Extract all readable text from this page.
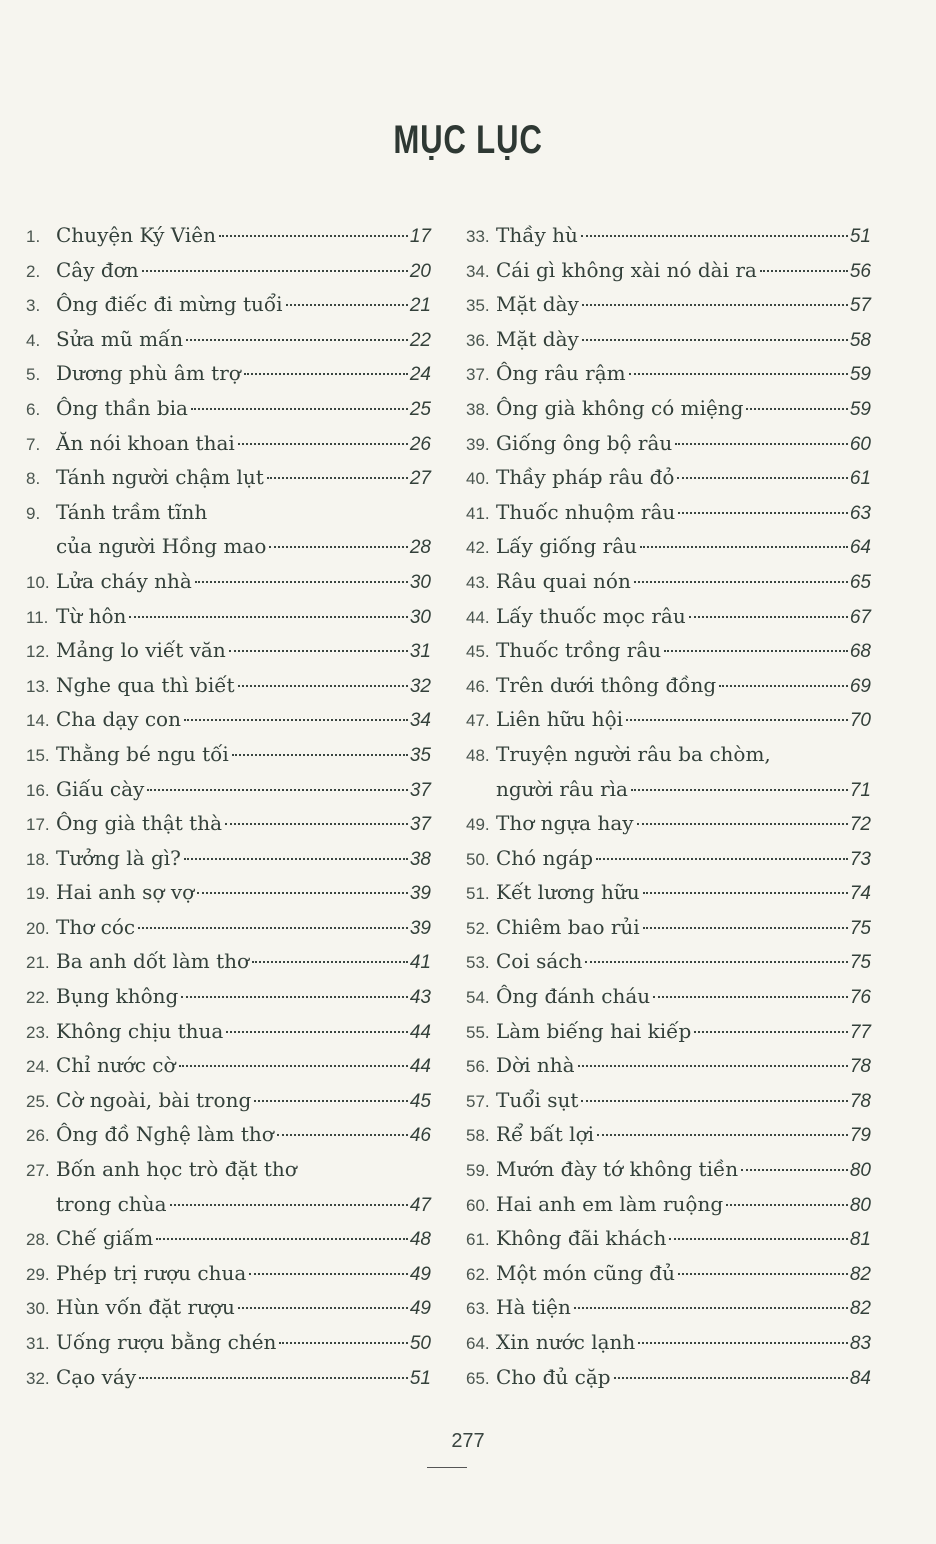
MỤC LỤC
1. Chuyện Ký Viên	17
2. Cây đơn	20
3. Ông điếc đi mừng tuổi	21
4. Sửa mũ mấn	22
5. Dương phù âm trợ	24
6. Ông thần bia	25
7. Ăn nói khoan thai	26
8. Tánh người chậm lụt	27
9. Tánh trầm tĩnh
của người Hồng mao	28
10. Lửa cháy nhà	30
11. Từ hôn	30
12. Mảng lo viết văn	31
13. Nghe qua thì biết	32
14. Cha dạy con	34
15. Thằng bé ngu tối	35
16. Giấu cày	37
17. Ông già thật thà	37
18. Tưởng là gì?	38
19. Hai anh sợ vợ	39
20. Thơ cóc	39
21. Ba anh dốt làm thơ	41
22. Bụng không	43
23. Không chịu thua	44
24. Chỉ nước cờ	44
25. Cờ ngoài, bài trong	45
26. Ông đồ Nghệ làm thơ	46
27. Bốn anh học trò đặt thơ
trong chùa	47
28. Chế giấm	48
29. Phép trị rượu chua	49
30. Hùn vốn đặt rượu	49
31. Uống rượu bằng chén	50
32. Cạo váy	51
33. Thầy hù	51
34. Cái gì không xài nó dài ra	56
35. Mặt dày	57
36. Mặt dày	58
37. Ông râu rậm	59
38. Ông già không có miệng	59
39. Giống ông bộ râu	60
40. Thầy pháp râu đỏ	61
41. Thuốc nhuộm râu	63
42. Lấy giống râu	64
43. Râu quai nón	65
44. Lấy thuốc mọc râu	67
45. Thuốc trồng râu	68
46. Trên dưới thông đồng	69
47. Liên hữu hội	70
48. Truyện người râu ba chòm,
người râu rìa	71
49. Thơ ngựa hay	72
50. Chó ngáp	73
51. Kết lương hữu	74
52. Chiêm bao rủi	75
53. Coi sách	75
54. Ông đánh cháu	76
55. Làm biếng hai kiếp	77
56. Dời nhà	78
57. Tuổi sụt	78
58. Rể bất lợi	79
59. Mướn đày tớ không tiền	80
60. Hai anh em làm ruộng	80
61. Không đãi khách	81
62. Một món cũng đủ	82
63. Hà tiện	82
64. Xin nước lạnh	83
65. Cho đủ cặp	84
277
